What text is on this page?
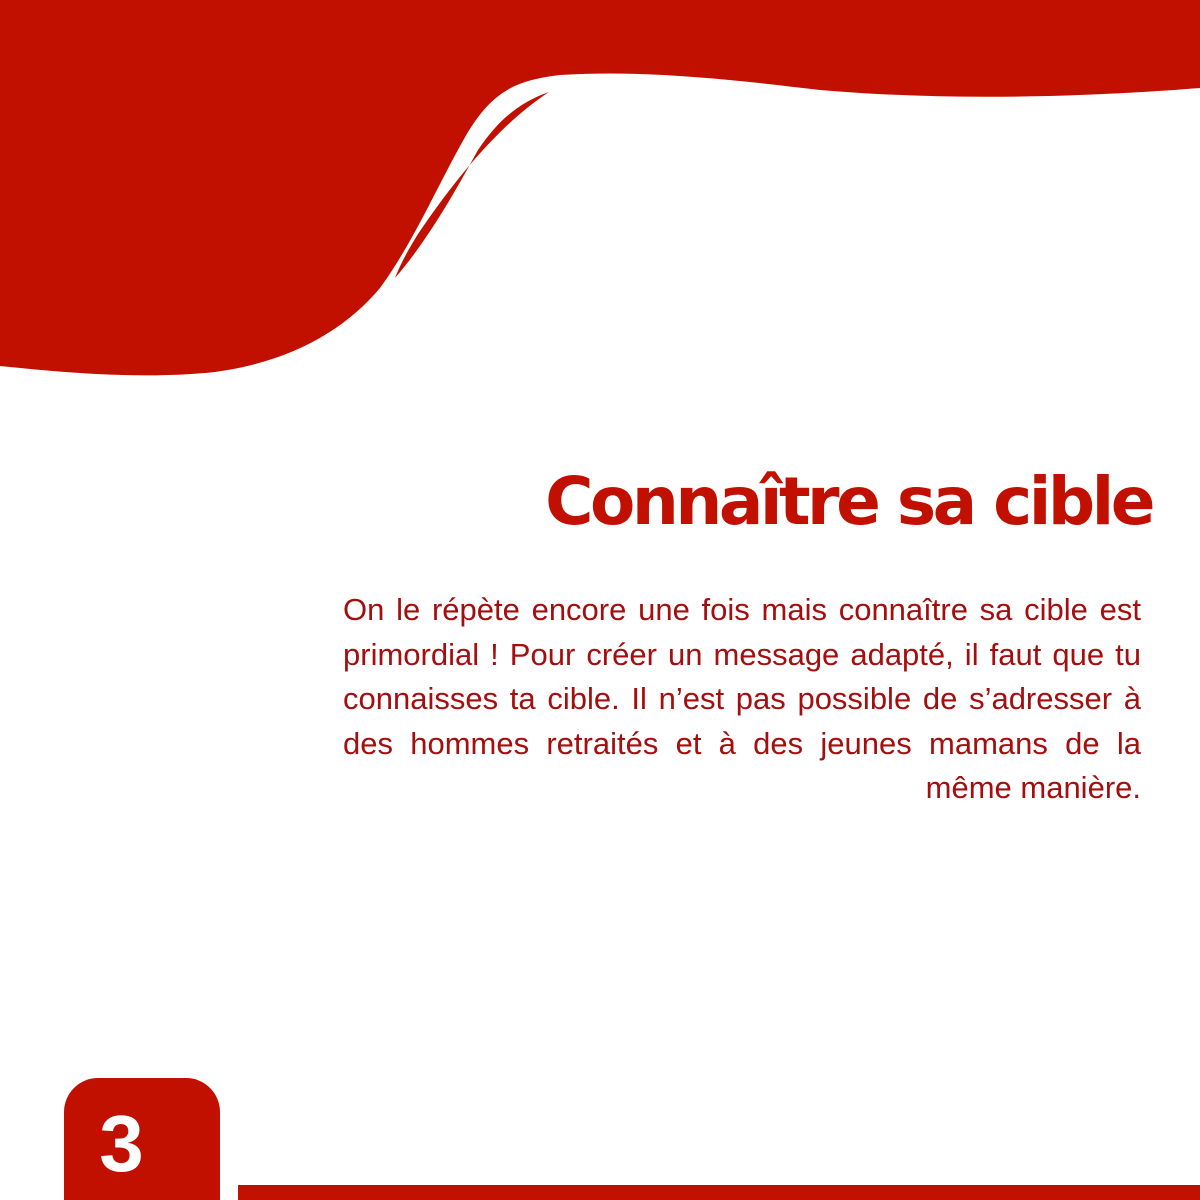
Connaître sa cible

On le répète encore une fois mais connaître sa cible est primordial ! Pour créer un message adapté, il faut que tu connaisses ta cible. Il n’est pas possible de s’adresser à des hommes retraités et à des jeunes mamans de la même manière.

3
